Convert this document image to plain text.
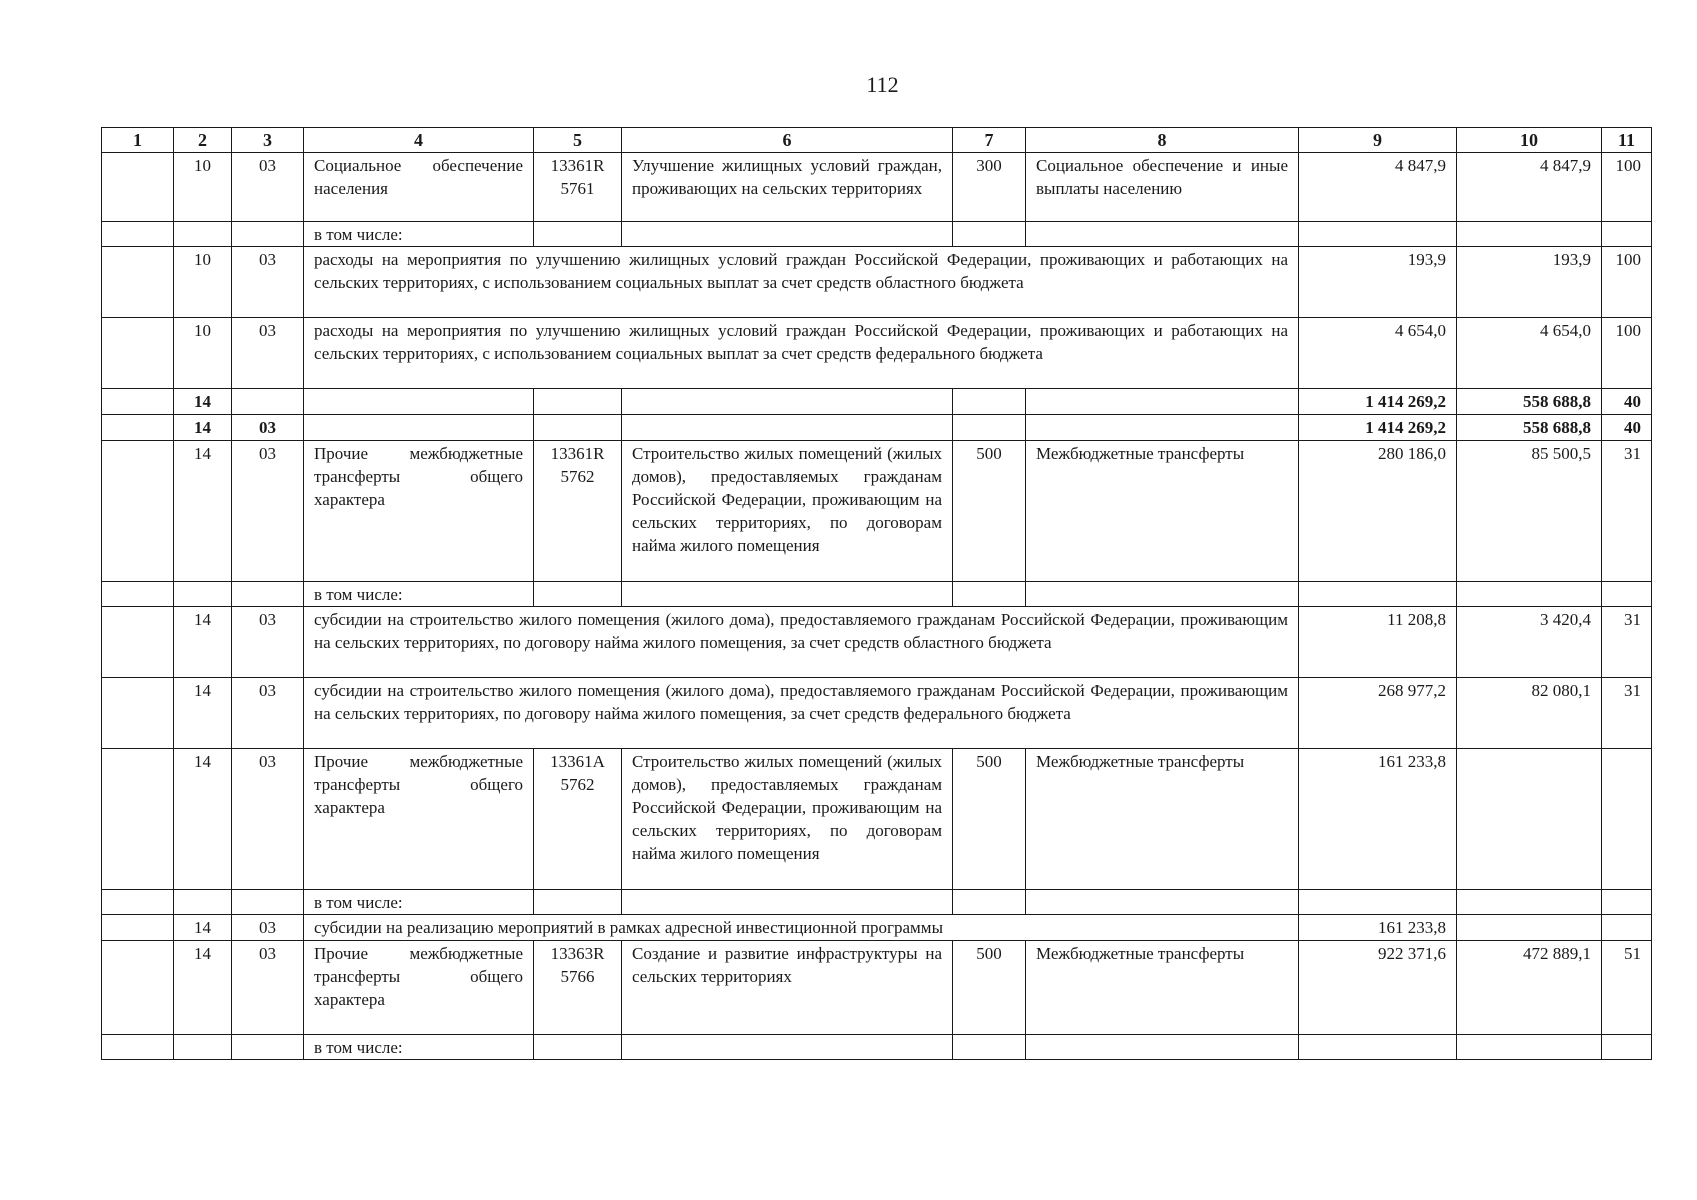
112
1	2	3	4	5	6	7	8	9	10	11
	10	03	Социальное обеспечение населения	13361R 5761	Улучшение жилищных условий граждан, проживающих на сельских территориях	300	Социальное обеспечение и иные выплаты населению	4 847,9	4 847,9	100
			в том числе:							
	10	03	расходы на мероприятия по улучшению жилищных условий граждан Российской Федерации, проживающих и работающих на сельских территориях, с использованием социальных выплат за счет средств областного бюджета					193,9	193,9	100
	10	03	расходы на мероприятия по улучшению жилищных условий граждан Российской Федерации, проживающих и работающих на сельских территориях, с использованием социальных выплат за счет средств федерального бюджета					4 654,0	4 654,0	100
	14							1 414 269,2	558 688,8	40
	14	03						1 414 269,2	558 688,8	40
	14	03	Прочие межбюджетные трансферты общего характера	13361R 5762	Строительство жилых помещений (жилых домов), предоставляемых гражданам Российской Федерации, проживающим на сельских территориях, по договорам найма жилого помещения	500	Межбюджетные трансферты	280 186,0	85 500,5	31
			в том числе:							
	14	03	субсидии на строительство жилого помещения (жилого дома), предоставляемого гражданам Российской Федерации, проживающим на сельских территориях, по договору найма жилого помещения, за счет средств областного бюджета					11 208,8	3 420,4	31
	14	03	субсидии на строительство жилого помещения (жилого дома), предоставляемого гражданам Российской Федерации, проживающим на сельских территориях, по договору найма жилого помещения, за счет средств федерального бюджета					268 977,2	82 080,1	31
	14	03	Прочие межбюджетные трансферты общего характера	13361A 5762	Строительство жилых помещений (жилых домов), предоставляемых гражданам Российской Федерации, проживающим на сельских территориях, по договорам найма жилого помещения	500	Межбюджетные трансферты	161 233,8		
			в том числе:							
	14	03	субсидии на реализацию мероприятий в рамках адресной инвестиционной программы					161 233,8		
	14	03	Прочие межбюджетные трансферты общего характера	13363R 5766	Создание и развитие инфраструктуры на сельских территориях	500	Межбюджетные трансферты	922 371,6	472 889,1	51
			в том числе:							
